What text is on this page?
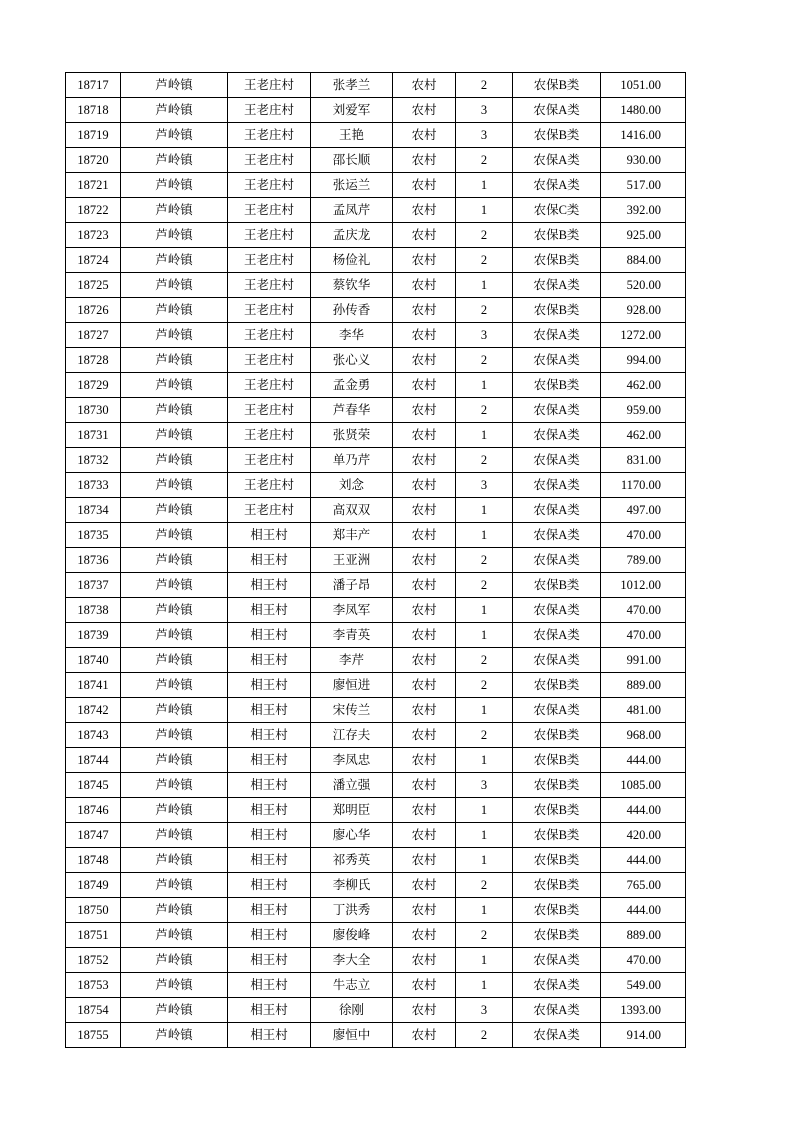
18717	芦岭镇	王老庄村	张孝兰	农村	2	农保B类	1051.00
18718	芦岭镇	王老庄村	刘爱军	农村	3	农保A类	1480.00
18719	芦岭镇	王老庄村	王艳	农村	3	农保B类	1416.00
18720	芦岭镇	王老庄村	邵长顺	农村	2	农保A类	930.00
18721	芦岭镇	王老庄村	张运兰	农村	1	农保A类	517.00
18722	芦岭镇	王老庄村	孟凤芹	农村	1	农保C类	392.00
18723	芦岭镇	王老庄村	孟庆龙	农村	2	农保B类	925.00
18724	芦岭镇	王老庄村	杨俭礼	农村	2	农保B类	884.00
18725	芦岭镇	王老庄村	蔡钦华	农村	1	农保A类	520.00
18726	芦岭镇	王老庄村	孙传香	农村	2	农保B类	928.00
18727	芦岭镇	王老庄村	李华	农村	3	农保A类	1272.00
18728	芦岭镇	王老庄村	张心义	农村	2	农保A类	994.00
18729	芦岭镇	王老庄村	孟金勇	农村	1	农保B类	462.00
18730	芦岭镇	王老庄村	芦春华	农村	2	农保A类	959.00
18731	芦岭镇	王老庄村	张贤荣	农村	1	农保A类	462.00
18732	芦岭镇	王老庄村	单乃芹	农村	2	农保A类	831.00
18733	芦岭镇	王老庄村	刘念	农村	3	农保A类	1170.00
18734	芦岭镇	王老庄村	高双双	农村	1	农保A类	497.00
18735	芦岭镇	相王村	郑丰产	农村	1	农保A类	470.00
18736	芦岭镇	相王村	王亚洲	农村	2	农保A类	789.00
18737	芦岭镇	相王村	潘子昂	农村	2	农保B类	1012.00
18738	芦岭镇	相王村	李凤军	农村	1	农保A类	470.00
18739	芦岭镇	相王村	李青英	农村	1	农保A类	470.00
18740	芦岭镇	相王村	李芹	农村	2	农保A类	991.00
18741	芦岭镇	相王村	廖恒进	农村	2	农保B类	889.00
18742	芦岭镇	相王村	宋传兰	农村	1	农保A类	481.00
18743	芦岭镇	相王村	江存夫	农村	2	农保B类	968.00
18744	芦岭镇	相王村	李凤忠	农村	1	农保B类	444.00
18745	芦岭镇	相王村	潘立强	农村	3	农保B类	1085.00
18746	芦岭镇	相王村	郑明臣	农村	1	农保B类	444.00
18747	芦岭镇	相王村	廖心华	农村	1	农保B类	420.00
18748	芦岭镇	相王村	祁秀英	农村	1	农保B类	444.00
18749	芦岭镇	相王村	李柳氏	农村	2	农保B类	765.00
18750	芦岭镇	相王村	丁洪秀	农村	1	农保B类	444.00
18751	芦岭镇	相王村	廖俊峰	农村	2	农保B类	889.00
18752	芦岭镇	相王村	李大全	农村	1	农保A类	470.00
18753	芦岭镇	相王村	牛志立	农村	1	农保A类	549.00
18754	芦岭镇	相王村	徐刚	农村	3	农保A类	1393.00
18755	芦岭镇	相王村	廖恒中	农村	2	农保A类	914.00
